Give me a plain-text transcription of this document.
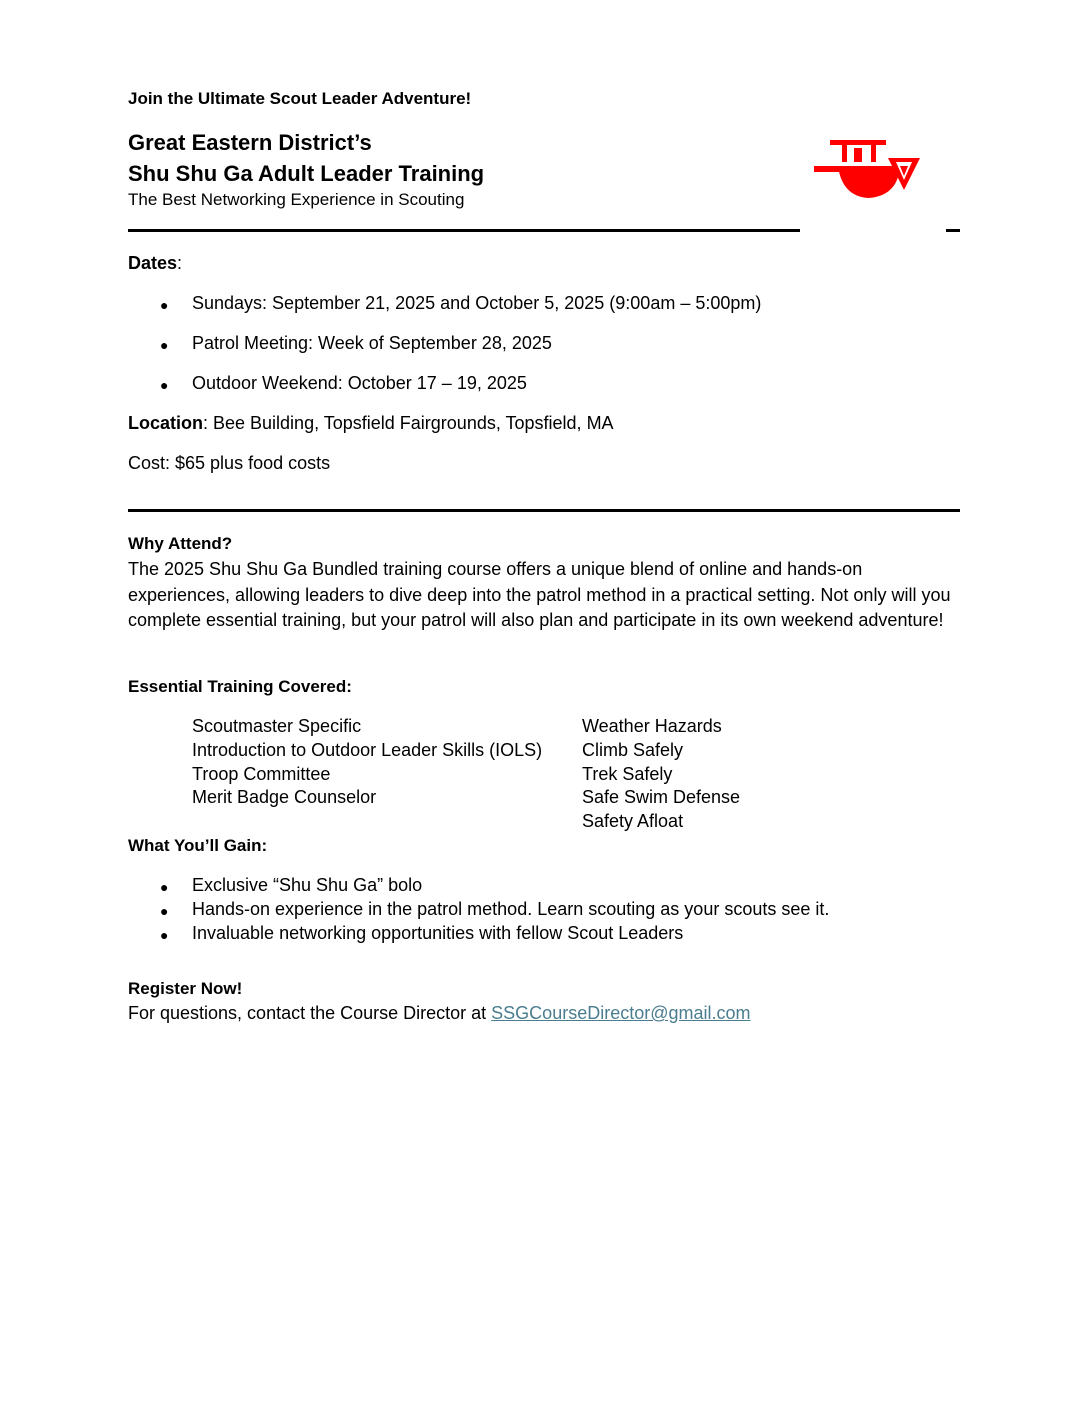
Join the Ultimate Scout Leader Adventure!
Great Eastern District’s
Shu Shu Ga Adult Leader Training
The Best Networking Experience in Scouting
Dates:
● Sundays: September 21, 2025 and October 5, 2025 (9:00am – 5:00pm)
● Patrol Meeting: Week of September 28, 2025
● Outdoor Weekend: October 17 – 19, 2025
Location: Bee Building, Topsfield Fairgrounds, Topsfield, MA
Cost: $65 plus food costs
Why Attend?
The 2025 Shu Shu Ga Bundled training course offers a unique blend of online and hands-on experiences, allowing leaders to dive deep into the patrol method in a practical setting. Not only will you complete essential training, but your patrol will also plan and participate in its own weekend adventure!
Essential Training Covered:
Scoutmaster Specific
Introduction to Outdoor Leader Skills (IOLS)
Troop Committee
Merit Badge Counselor
Weather Hazards
Climb Safely
Trek Safely
Safe Swim Defense
Safety Afloat
What You’ll Gain:
● Exclusive “Shu Shu Ga” bolo
● Hands-on experience in the patrol method. Learn scouting as your scouts see it.
● Invaluable networking opportunities with fellow Scout Leaders
Register Now!
For questions, contact the Course Director at SSGCourseDirector@gmail.com
